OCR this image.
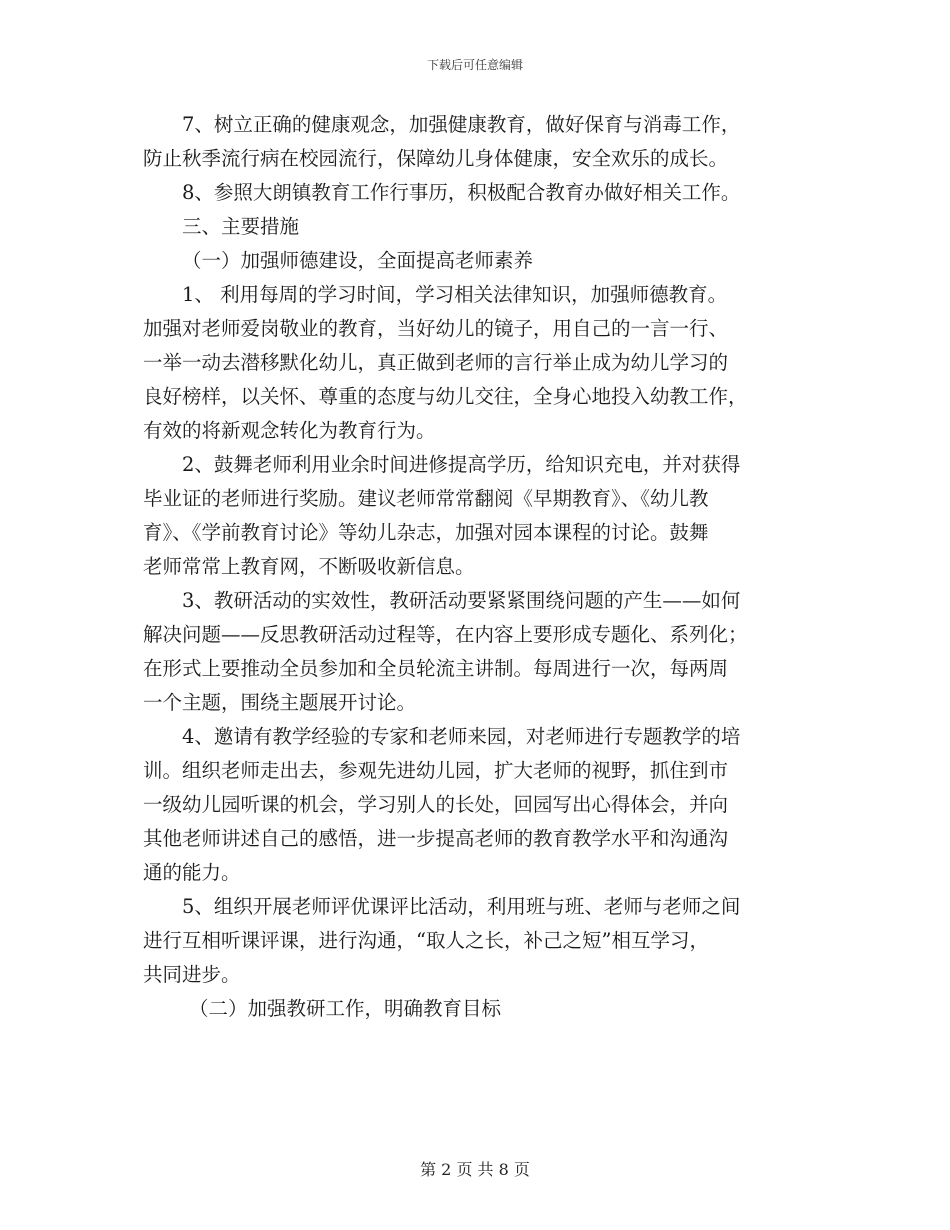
下载后可任意编辑

7、树立正确的健康观念，加强健康教育，做好保育与消毒工作，

防止秋季流行病在校园流行，保障幼儿身体健康，安全欢乐的成长。

8、参照大朗镇教育工作行事历，积极配合教育办做好相关工作。

三、主要措施

（一）加强师德建设，全面提高老师素养

1、 利用每周的学习时间，学习相关法律知识，加强师德教育。

加强对老师爱岗敬业的教育，当好幼儿的镜子，用自己的一言一行、

一举一动去潜移默化幼儿，真正做到老师的言行举止成为幼儿学习的

良好榜样，以关怀、尊重的态度与幼儿交往，全身心地投入幼教工作，

有效的将新观念转化为教育行为。

2、鼓舞老师利用业余时间进修提高学历，给知识充电，并对获得

毕业证的老师进行奖励。建议老师常常翻阅《早期教育》、《幼儿教

育》、《学前教育讨论》等幼儿杂志，加强对园本课程的讨论。鼓舞

老师常常上教育网，不断吸收新信息。

3、教研活动的实效性，教研活动要紧紧围绕问题的产生——如何

解决问题——反思教研活动过程等，在内容上要形成专题化、系列化；

在形式上要推动全员参加和全员轮流主讲制。每周进行一次，每两周

一个主题，围绕主题展开讨论。

4、邀请有教学经验的专家和老师来园，对老师进行专题教学的培

训。组织老师走出去，参观先进幼儿园，扩大老师的视野，抓住到市

一级幼儿园听课的机会，学习别人的长处，回园写出心得体会，并向

其他老师讲述自己的感悟，进一步提高老师的教育教学水平和沟通沟

通的能力。

5、组织开展老师评优课评比活动，利用班与班、老师与老师之间

进行互相听课评课，进行沟通，“取人之长，补己之短”相互学习，

共同进步。

（二）加强教研工作，明确教育目标

第 2 页 共 8 页
